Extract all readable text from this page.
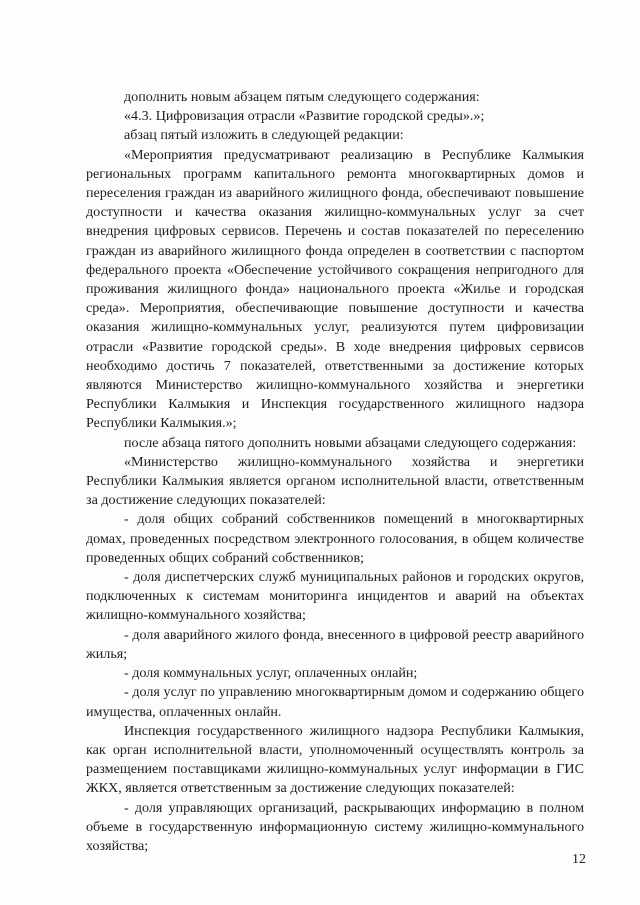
дополнить новым абзацем пятым следующего содержания:

«4.3. Цифровизация отрасли «Развитие городской среды».»;

абзац пятый изложить в следующей редакции:

«Мероприятия предусматривают реализацию в Республике Калмыкия региональных программ капитального ремонта многоквартирных домов и переселения граждан из аварийного жилищного фонда, обеспечивают повышение доступности и качества оказания жилищно-коммунальных услуг за счет внедрения цифровых сервисов. Перечень и состав показателей по переселению граждан из аварийного жилищного фонда определен в соответствии с паспортом федерального проекта «Обеспечение устойчивого сокращения непригодного для проживания жилищного фонда» национального проекта «Жилье и городская среда». Мероприятия, обеспечивающие повышение доступности и качества оказания жилищно-коммунальных услуг, реализуются путем цифровизации отрасли «Развитие городской среды». В ходе внедрения цифровых сервисов необходимо достичь 7 показателей, ответственными за достижение которых являются Министерство жилищно-коммунального хозяйства и энергетики Республики Калмыкия и Инспекция государственного жилищного надзора Республики Калмыкия.»;

после абзаца пятого дополнить новыми абзацами следующего содержания:

«Министерство жилищно-коммунального хозяйства и энергетики Республики Калмыкия является органом исполнительной власти, ответственным за достижение следующих показателей:

- доля общих собраний собственников помещений в многоквартирных домах, проведенных посредством электронного голосования, в общем количестве проведенных общих собраний собственников;

- доля диспетчерских служб муниципальных районов и городских округов, подключенных к системам мониторинга инцидентов и аварий на объектах жилищно-коммунального хозяйства;

- доля аварийного жилого фонда, внесенного в цифровой реестр аварийного жилья;

- доля коммунальных услуг, оплаченных онлайн;

- доля услуг по управлению многоквартирным домом и содержанию общего имущества, оплаченных онлайн.

Инспекция государственного жилищного надзора Республики Калмыкия, как орган исполнительной власти, уполномоченный осуществлять контроль за размещением поставщиками жилищно-коммунальных услуг информации в ГИС ЖКХ, является ответственным за достижение следующих показателей:

- доля управляющих организаций, раскрывающих информацию в полном объеме в государственную информационную систему жилищно-коммунального хозяйства;

12
